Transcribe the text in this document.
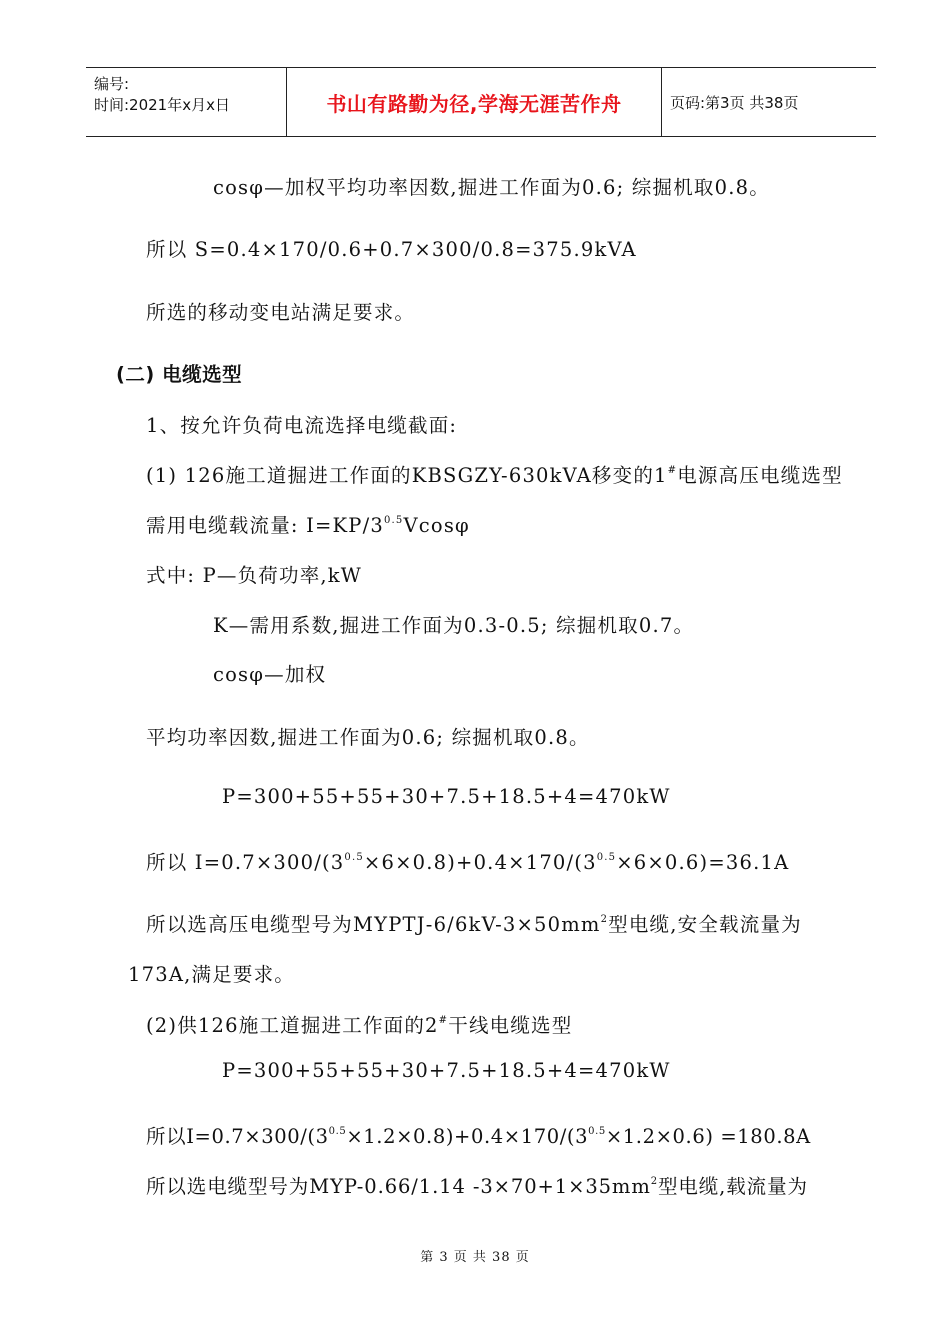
编号:
时间:2021年x月x日	书山有路勤为径,学海无涯苦作舟	页码:第3页 共38页
cosφ—加权平均功率因数,掘进工作面为0.6; 综掘机取0.8。
所以 S=0.4×170/0.6+0.7×300/0.8=375.9kVA
所选的移动变电站满足要求。
(二) 电缆选型
1、按允许负荷电流选择电缆截面:
(1) 126施工道掘进工作面的KBSGZY-630kVA移变的1#电源高压电缆选型
需用电缆载流量: $I=KP/3^{0.5}Vcos\varphi$
式中: P—负荷功率,kW
K—需用系数,掘进工作面为0.3-0.5; 综掘机取0.7。
cosφ—加权
平均功率因数,掘进工作面为0.6; 综掘机取0.8。
P=300+55+55+30+7.5+18.5+4=470kW
所以 $I=0.7\times 300/(3^{0.5}\times 6\times 0.8)+0.4\times 170/(3^{0.5}\times 6\times 0.6)=36.1A$
所以选高压电缆型号为MYPTJ-$6/6kV-3\times 50mm^2$型电缆,安全载流量为
173A,满足要求。
(2)供126施工道掘进工作面的2#干线电缆选型
P=300+55+55+30+7.5+18.5+4=470kW
所以$I=0.7\times 300/(3^{0.5}\times 1.2\times 0.8)+0.4\times 170/(3^{0.5}\times 1.2\times 0.6) =180.8A$
所以选电缆型号为MYP-0.66/1.14 $-3\times 70+1\times 35mm^2$型电缆,载流量为
第 3 页 共 38 页
